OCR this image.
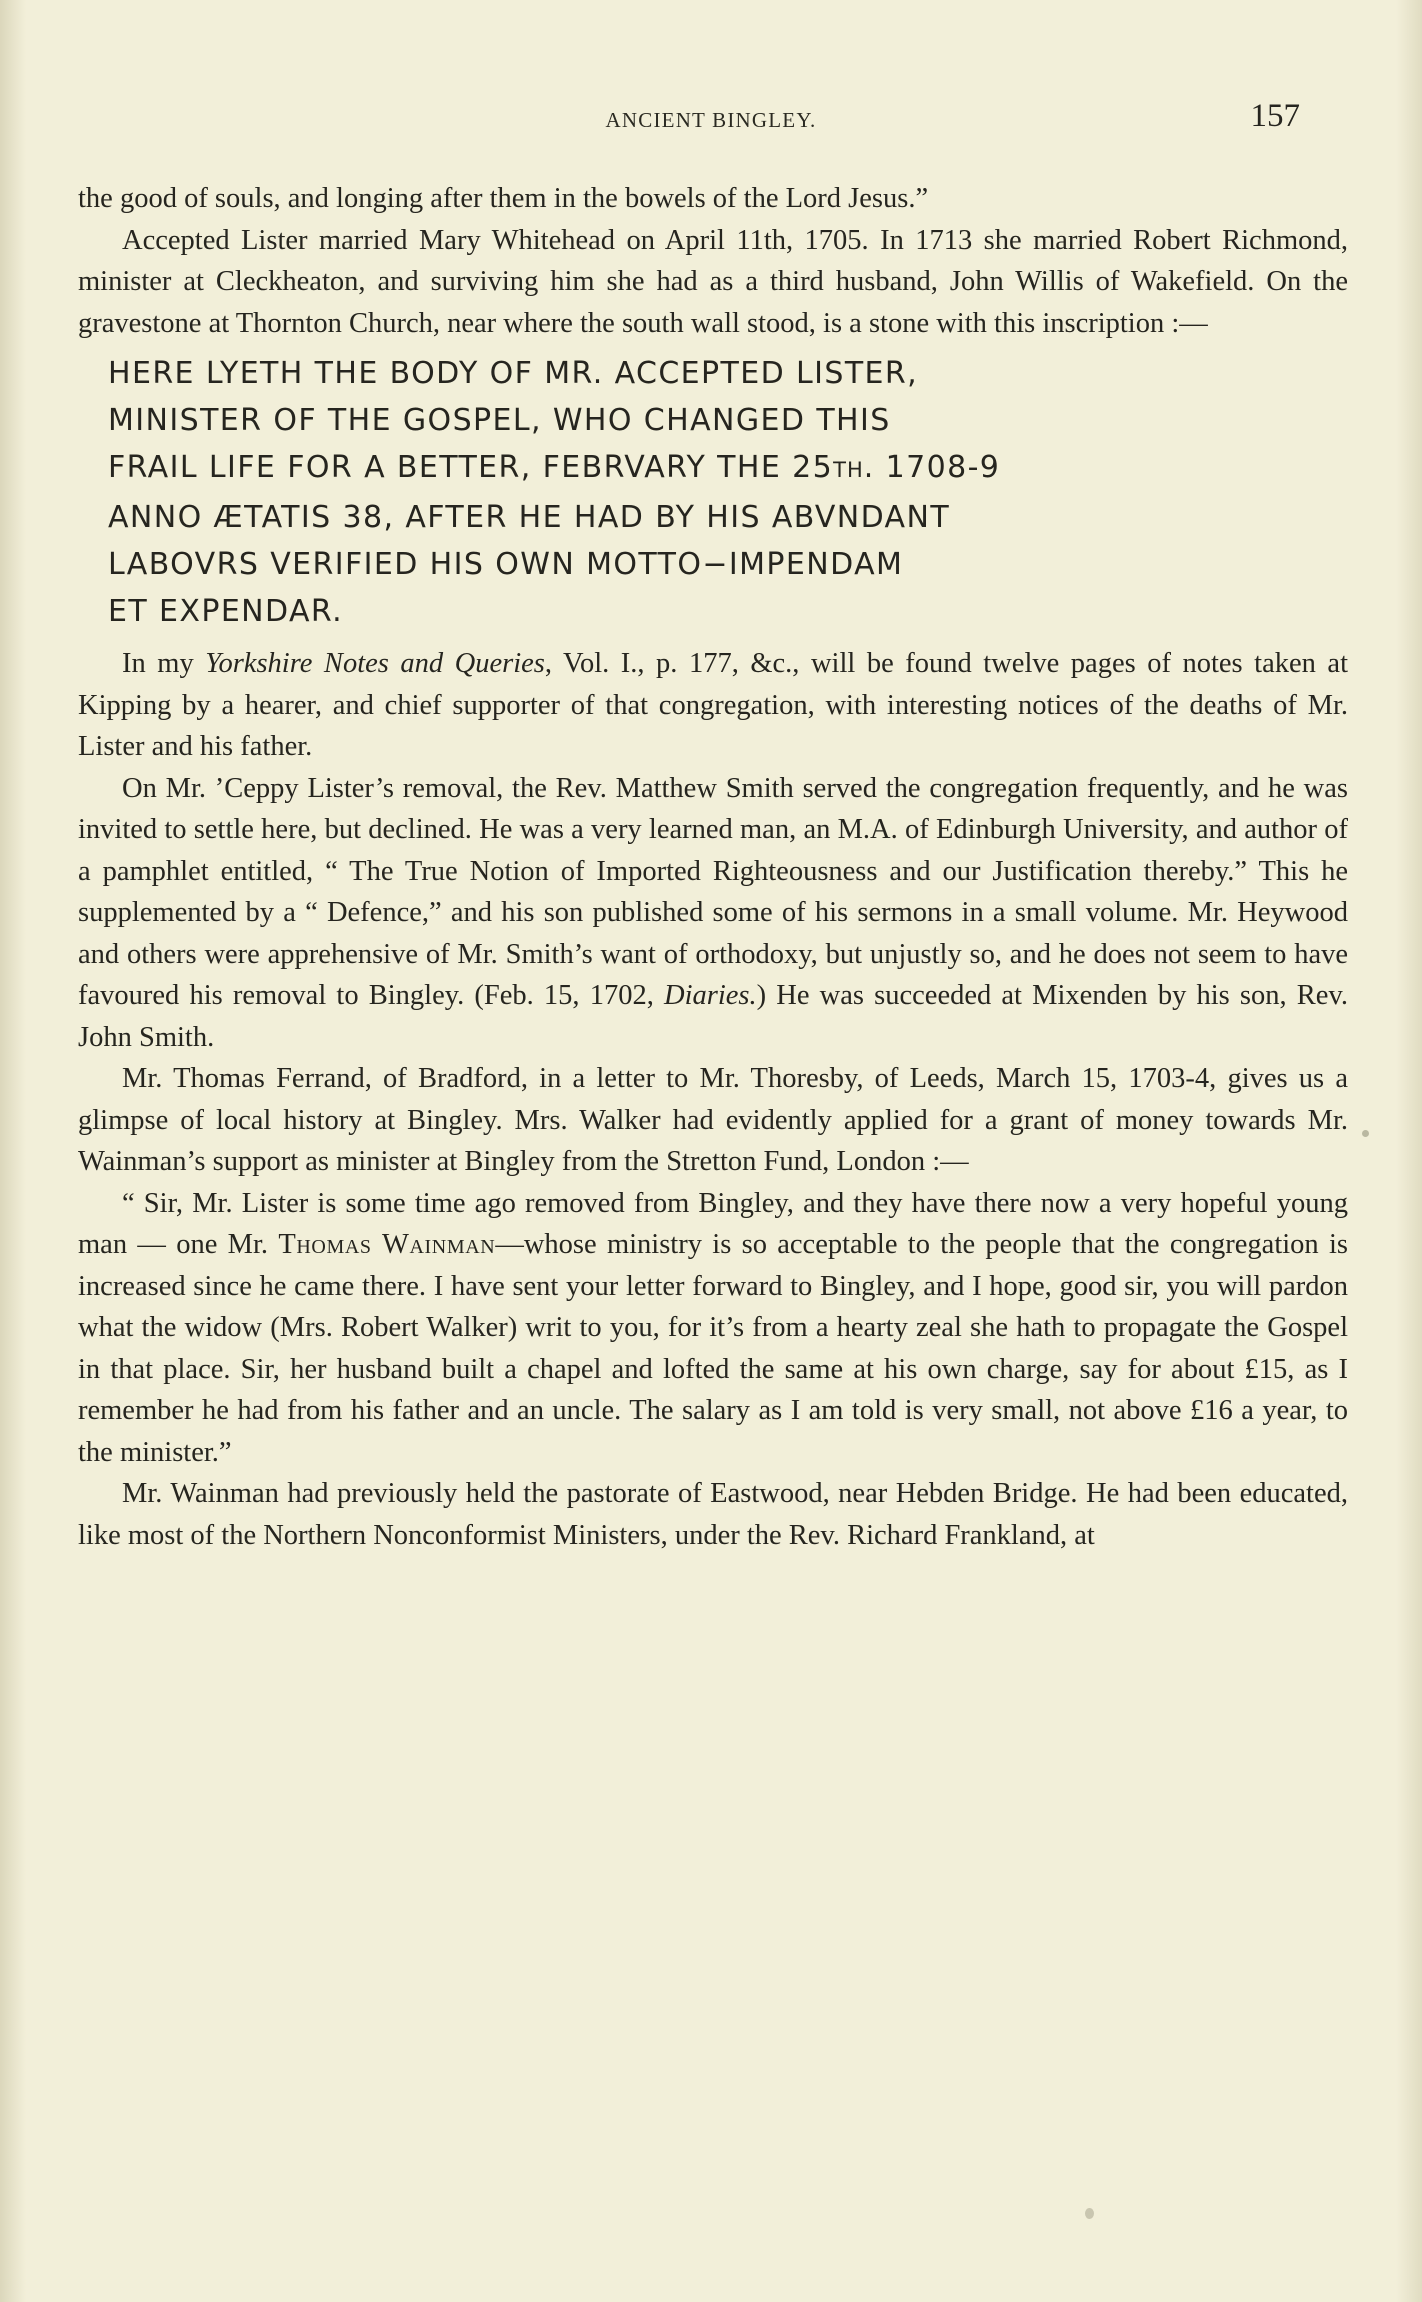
ANCIENT BINGLEY.	157

the good of souls, and longing after them in the bowels of the Lord Jesus.”

Accepted Lister married Mary Whitehead on April 11th, 1705. In 1713 she married Robert Richmond, minister at Cleckheaton, and surviving him she had as a third husband, John Willis of Wakefield. On the gravestone at Thornton Church, near where the south wall stood, is a stone with this inscription :—

HERE LYETH THE BODY OF MR. ACCEPTED LISTER,
MINISTER OF THE GOSPEL, WHO CHANGED THIS
FRAIL LIFE FOR A BETTER, FEBRVARY THE 25TH. 1708-9
ANNO ÆTATIS 38, AFTER HE HAD BY HIS ABVNDANT
LABOVRS VERIFIED HIS OWN MOTTO−IMPENDAM
ET EXPENDAR.

In my Yorkshire Notes and Queries, Vol. I., p. 177, &c., will be found twelve pages of notes taken at Kipping by a hearer, and chief supporter of that congregation, with interesting notices of the deaths of Mr. Lister and his father.

On Mr. ’Ceppy Lister’s removal, the Rev. Matthew Smith served the congregation frequently, and he was invited to settle here, but declined. He was a very learned man, an M.A. of Edinburgh University, and author of a pamphlet entitled, “ The True Notion of Imported Righteousness and our Justification thereby.” This he supplemented by a “ Defence,” and his son published some of his sermons in a small volume. Mr. Heywood and others were apprehensive of Mr. Smith’s want of orthodoxy, but unjustly so, and he does not seem to have favoured his removal to Bingley. (Feb. 15, 1702, Diaries.) He was succeeded at Mixenden by his son, Rev. John Smith.

Mr. Thomas Ferrand, of Bradford, in a letter to Mr. Thoresby, of Leeds, March 15, 1703-4, gives us a glimpse of local history at Bingley. Mrs. Walker had evidently applied for a grant of money towards Mr. Wainman’s support as minister at Bingley from the Stretton Fund, London :—

“ Sir, Mr. Lister is some time ago removed from Bingley, and they have there now a very hopeful young man — one Mr. Thomas Wainman—whose ministry is so acceptable to the people that the congregation is increased since he came there. I have sent your letter forward to Bingley, and I hope, good sir, you will pardon what the widow (Mrs. Robert Walker) writ to you, for it’s from a hearty zeal she hath to propagate the Gospel in that place. Sir, her husband built a chapel and lofted the same at his own charge, say for about £15, as I remember he had from his father and an uncle. The salary as I am told is very small, not above £16 a year, to the minister.”

Mr. Wainman had previously held the pastorate of Eastwood, near Hebden Bridge. He had been educated, like most of the Northern Nonconformist Ministers, under the Rev. Richard Frankland, at
